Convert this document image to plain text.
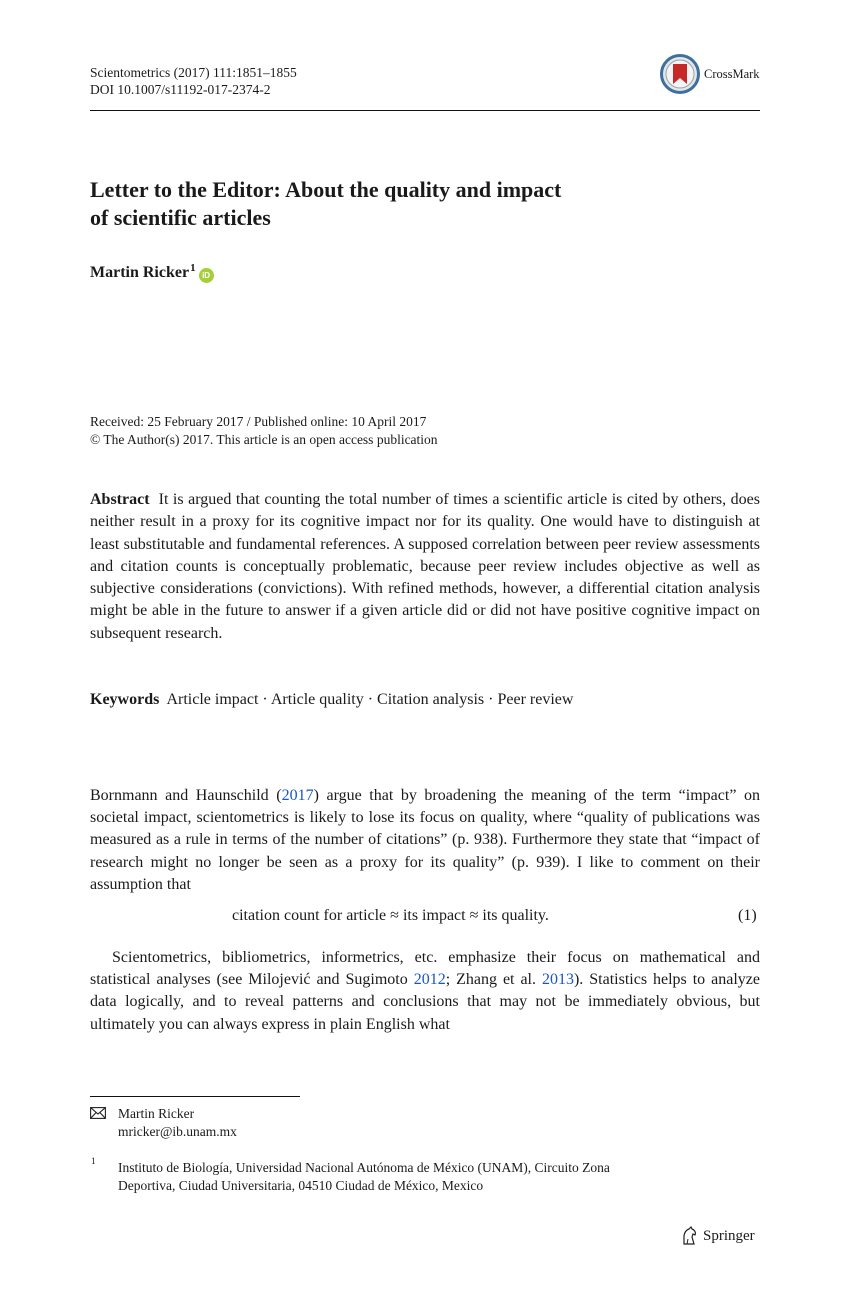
Scientometrics (2017) 111:1851–1855
DOI 10.1007/s11192-017-2374-2
CrossMark
Letter to the Editor: About the quality and impact
of scientific articles
Martin Ricker$^1$
iD
Received: 25 February 2017 / Published online: 10 April 2017
© The Author(s) 2017. This article is an open access publication
Abstract It is argued that counting the total number of times a scientific article is cited by others, does neither result in a proxy for its cognitive impact nor for its quality. One would have to distinguish at least substitutable and fundamental references. A supposed correlation between peer review assessments and citation counts is conceptually problematic, because peer review includes objective as well as subjective considerations (convictions). With refined methods, however, a differential citation analysis might be able in the future to answer if a given article did or did not have positive cognitive impact on subsequent research.
Keywords Article impact · Article quality · Citation analysis · Peer review
Bornmann and Haunschild (2017) argue that by broadening the meaning of the term “impact” on societal impact, scientometrics is likely to lose its focus on quality, where “quality of publications was measured as a rule in terms of the number of citations” (p. 938). Furthermore they state that “impact of research might no longer be seen as a proxy for its quality” (p. 939). I like to comment on their assumption that
citation count for article ≈ its impact ≈ its quality.	(1)
Scientometrics, bibliometrics, informetrics, etc. emphasize their focus on mathematical and statistical analyses (see Milojević and Sugimoto 2012; Zhang et al. 2013). Statistics helps to analyze data logically, and to reveal patterns and conclusions that may not be immediately obvious, but ultimately you can always express in plain English what
Martin Ricker
mricker@ib.unam.mx
1 Instituto de Biología, Universidad Nacional Autónoma de México (UNAM), Circuito Zona
Deportiva, Ciudad Universitaria, 04510 Ciudad de México, Mexico
Springer
